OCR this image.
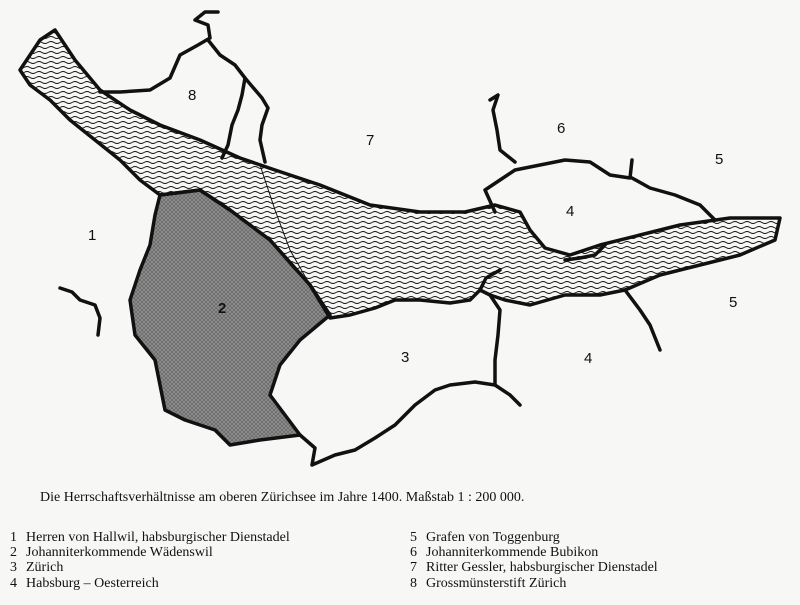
8
7
6
5
4
1
2	5
3	4
Die Herrschaftsverhältnisse am oberen Zürichsee im Jahre 1400. Maßstab 1 : 200 000.
1 Herren von Hallwil, habsburgischer Dienstadel
2 Johanniterkommende Wädenswil
3 Zürich
4 Habsburg – Oesterreich
5 Grafen von Toggenburg
6 Johanniterkommende Bubikon
7 Ritter Gessler, habsburgischer Dienstadel
8 Grossmünsterstift Zürich
